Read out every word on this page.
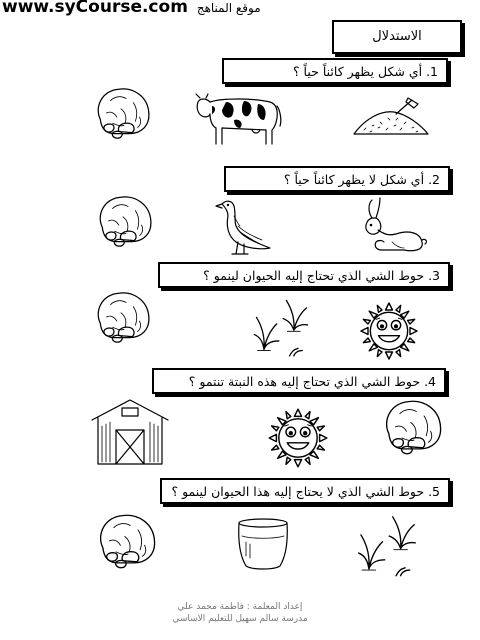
www.syCourse.com موقع المناهج
الاستدلال
1.

أي شكل يظهر كائناً حياً ؟
2.

أي شكل لا يظهر كائناً حياً ؟
3.

حوط الشي الذي تحتاج إليه الحيوان لينمو ؟
4.

حوط الشي الذي تحتاج إليه هذه النبتة تنتمو ؟
5.

حوط الشي الذي لا يحتاج إليه هذا الحيوان لينمو ؟
إعداد المعلمة : فاطمة محمد علي
مدرسة سالم سهيل للتعليم الاساسي
